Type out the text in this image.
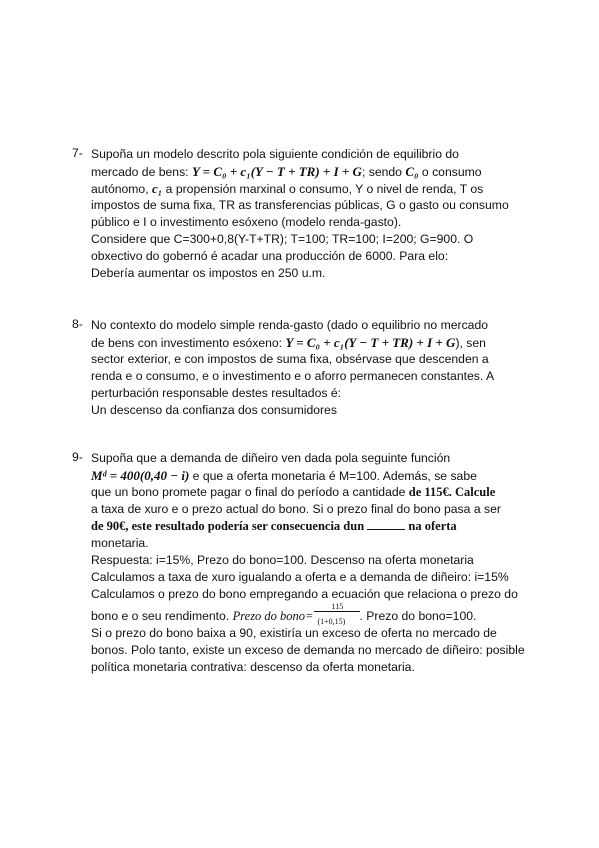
7- Supoña un modelo descrito pola siguiente condición de equilibrio do
mercado de bens: Y = C₀ + c₁(Y − T + TR) + I + G; sendo C₀ o consumo
autónomo, c₁ a propensión marxinal o consumo, Y o nivel de renda, T os
impostos de suma fixa, TR as transferencias públicas, G o gasto ou consumo
público e I o investimento esóxeno (modelo renda-gasto).
Considere que C=300+0,8(Y-T+TR); T=100; TR=100; I=200; G=900. O
obxectivo do gobernó é acadar una producción de 6000. Para elo:
Debería aumentar os impostos en 250 u.m.
8- No contexto do modelo simple renda-gasto (dado o equilibrio no mercado
de bens con investimento esóxeno: Y = C₀ + c₁(Y − T + TR) + I + G), sen
sector exterior, e con impostos de suma fixa, obsérvase que descenden a
renda e o consumo, e o investimento e o aforro permanecen constantes. A
perturbación responsable destes resultados é:
Un descenso da confianza dos consumidores
9- Supoña que a demanda de diñeiro ven dada pola seguinte función
Mᵈ = 400(0,40 − i) e que a oferta monetaria é M=100. Además, se sabe
que un bono promete pagar o final do período a cantidade de 115€. Calcule
a taxa de xuro e o prezo actual do bono. Si o prezo final do bono pasa a ser
de 90€, este resultado podería ser consecuencia dun	na oferta
monetaria.
Respuesta: i=15%, Prezo do bono=100. Descenso na oferta monetaria
Calculamos a taxa de xuro igualando a oferta e a demanda de diñeiro: i=15%
Calculamos o prezo do bono empregando a ecuación que relaciona o prezo do
bono e o seu rendimento. Prezo do bono= $\frac{115}{(1+0,15)}$ . Prezo do bono=100.
Si o prezo do bono baixa a 90, existiría un exceso de oferta no mercado de
bonos. Polo tanto, existe un exceso de demanda no mercado de diñeiro: posible
política monetaria contrativa: descenso da oferta monetaria.
